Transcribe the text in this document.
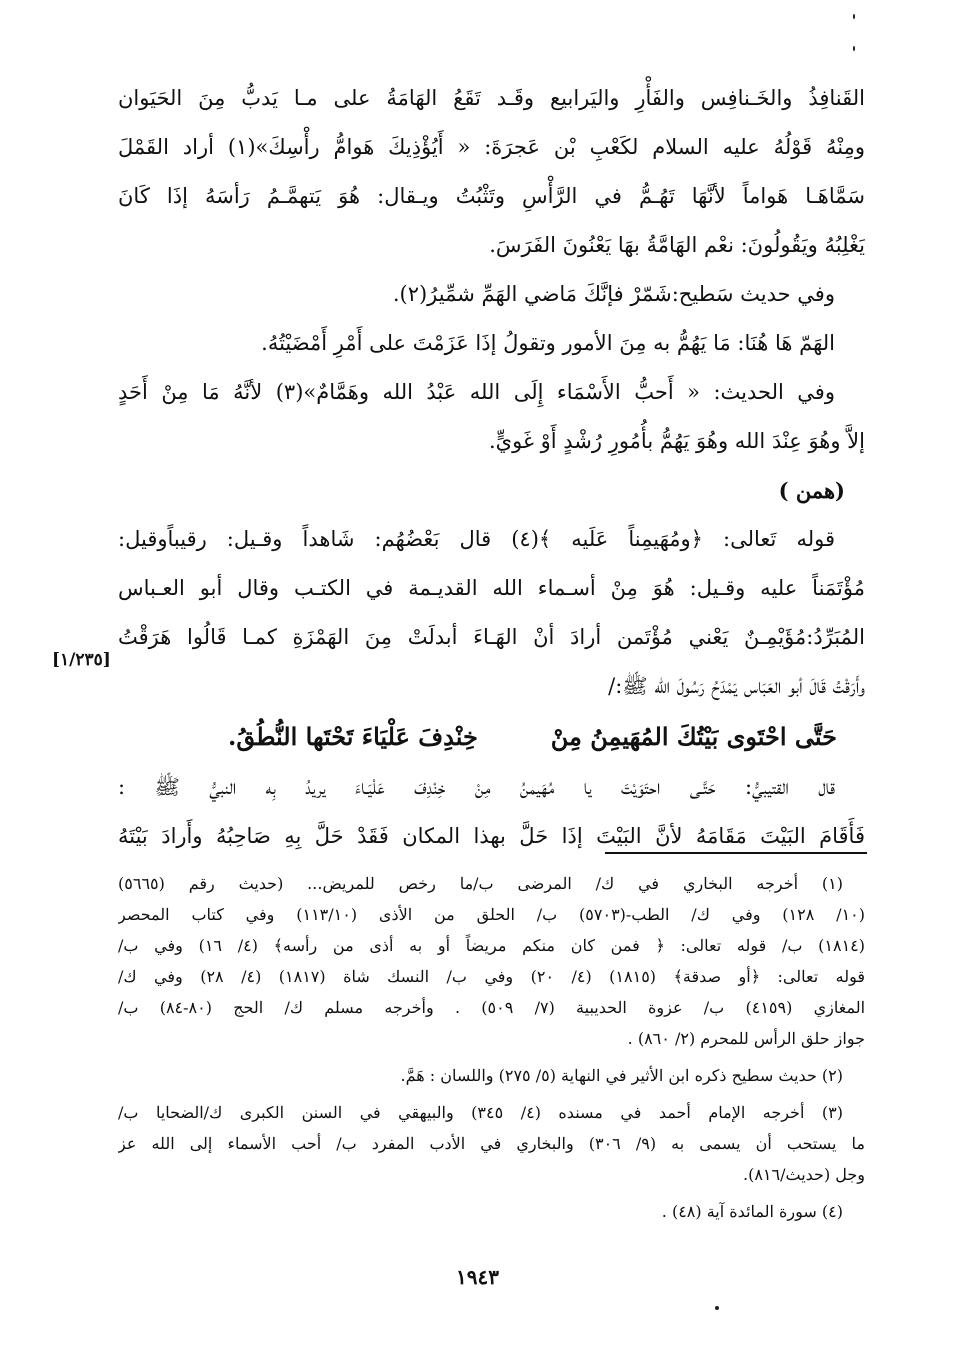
القَنافِذُ والخَـنافِس والفَأْرِ واليَرابيع وقَـد تَقَعُ الهَامَةُ على مـا يَدبُّ مِنَ الحَيَوان
ومِنْهُ قَوْلُهُ عليه السلام لكَعْبِ بْن عَجرَةَ: « أَيُؤْذِيكَ هَوامُّ رأْسِكَ»(١) أراد القَمْلَ
سَمَّاهَـا هَواماً لأنَّهَا تَهُـمُّ في الرَّأْسِ وتَثْبُتُ ويـقال: هُوَ يَتهمَّـمُ رَأسَهُ إذَا كَانَ
يَغْلِبُهُ ويَقُولُونَ: نعْم الهَامَّةُ بهَا يَعْنُونَ الفَرَسَ.
وفي حديث سَطيح:شَمّرْ فإنَّكَ مَاضي الهَمِّ شمِّيرُ(٢).
الهَمّ هَا هُنَا: مَا يَهُمُّ به مِنَ الأمور وتقولُ إذَا عَزَمْتَ على أَمْرِ أَمْضَيْتُهُ.
وفي الحديث: « أَحبُّ الأَسْمَاء إِلَى الله عَبْدُ الله وهَمَّامٌ»(٣) لأنَّهُ مَا مِنْ أَحَدٍ
إلاَّ وهُوَ عِنْدَ الله وهُوَ يَهُمُّ بأُمُورِ رُشْدٍ أَوْ غَويٍّ.
(همن )
قوله تَعالى: ﴿ومُهَيمِناً عَلَيه ﴾(٤) قال بَعْضُهُم: شَاهداً وقـيل: رقيباًوقيل:
مُؤْتَمَناً عليه وقـيل: هُوَ مِنْ أسـماء الله القديـمة في الكتـب وقال أبو العـباس
المُبَرِّدُ:مُؤَيْمِـنٌ يَعْني مُؤْتَمن أرادَ أنْ الهَـاءَ أبدلَتْ مِنَ الهَمْزَةِ كمـا قَالُوا هَرَقْتُ
وأَرَقْتُ قَالَ أبو العَبَاس يَمْدَحُ رَسُولَ الله ﷺ:/
حَتَّى احْتَوى بَيْتُكَ المُهَيمِنُ مِنْ
خِنْدِفَ عَلْيَاءَ تَحْتَها النُّطُقُ.
قال القتيبيُّ: حَتَّـى احتَوَيْتَ يا مُهَيمنُ مِنْ خِنْدِفَ عَلْيَـاءَ يريدُ بِه النبيُّ ﷺ :
فَأَقَامَ البَيْتَ مَقَامَهُ لأنَّ البَيْتَ إذَا حَلَّ بهذا المكان فَقَدْ حَلَّ بِهِ صَاحِبُهُ وأَرادَ بَيْتَهُ
[١/٢٣٥]
(١) أخرجه البخاري في ك/ المرضى ب/ما رخص للمريض... (حديث رقم (٥٦٦٥)
(١٠/ ١٢٨) وفي ك/ الطب-(٥٧٠٣) ب/ الحلق من الأذى (١١٣/١٠) وفي كتاب المحصر
(١٨١٤) ب/ قوله تعالى: ﴿ فمن كان منكم مريضاً أو به أذى من رأسه﴾ (٤/ ١٦) وفي ب/
قوله تعالى: ﴿أو صدقة﴾ (١٨١٥) (٤/ ٢٠) وفي ب/ النسك شاة (١٨١٧) (٤/ ٢٨) وفي ك/
المغازي (٤١٥٩) ب/ عزوة الحديبية (٧/ ٥٠٩) . وأخرجه مسلم ك/ الحج (٨٠-٨٤) ب/
جواز حلق الرأس للمحرم (٢/ ٨٦٠) .
(٢) حديث سطيح ذكره ابن الأثير في النهاية (٥/ ٢٧٥) واللسان : هَمَّ.
(٣) أخرجه الإمام أحمد في مسنده (٤/ ٣٤٥) والبيهقي في السنن الكبرى ك/الضحايا ب/
ما يستحب أن يسمى به (٩/ ٣٠٦) والبخاري في الأدب المفرد ب/ أحب الأسماء إلى الله عز
وجل (حديث/٨١٦).
(٤) سورة المائدة آية (٤٨) .
١٩٤٣
